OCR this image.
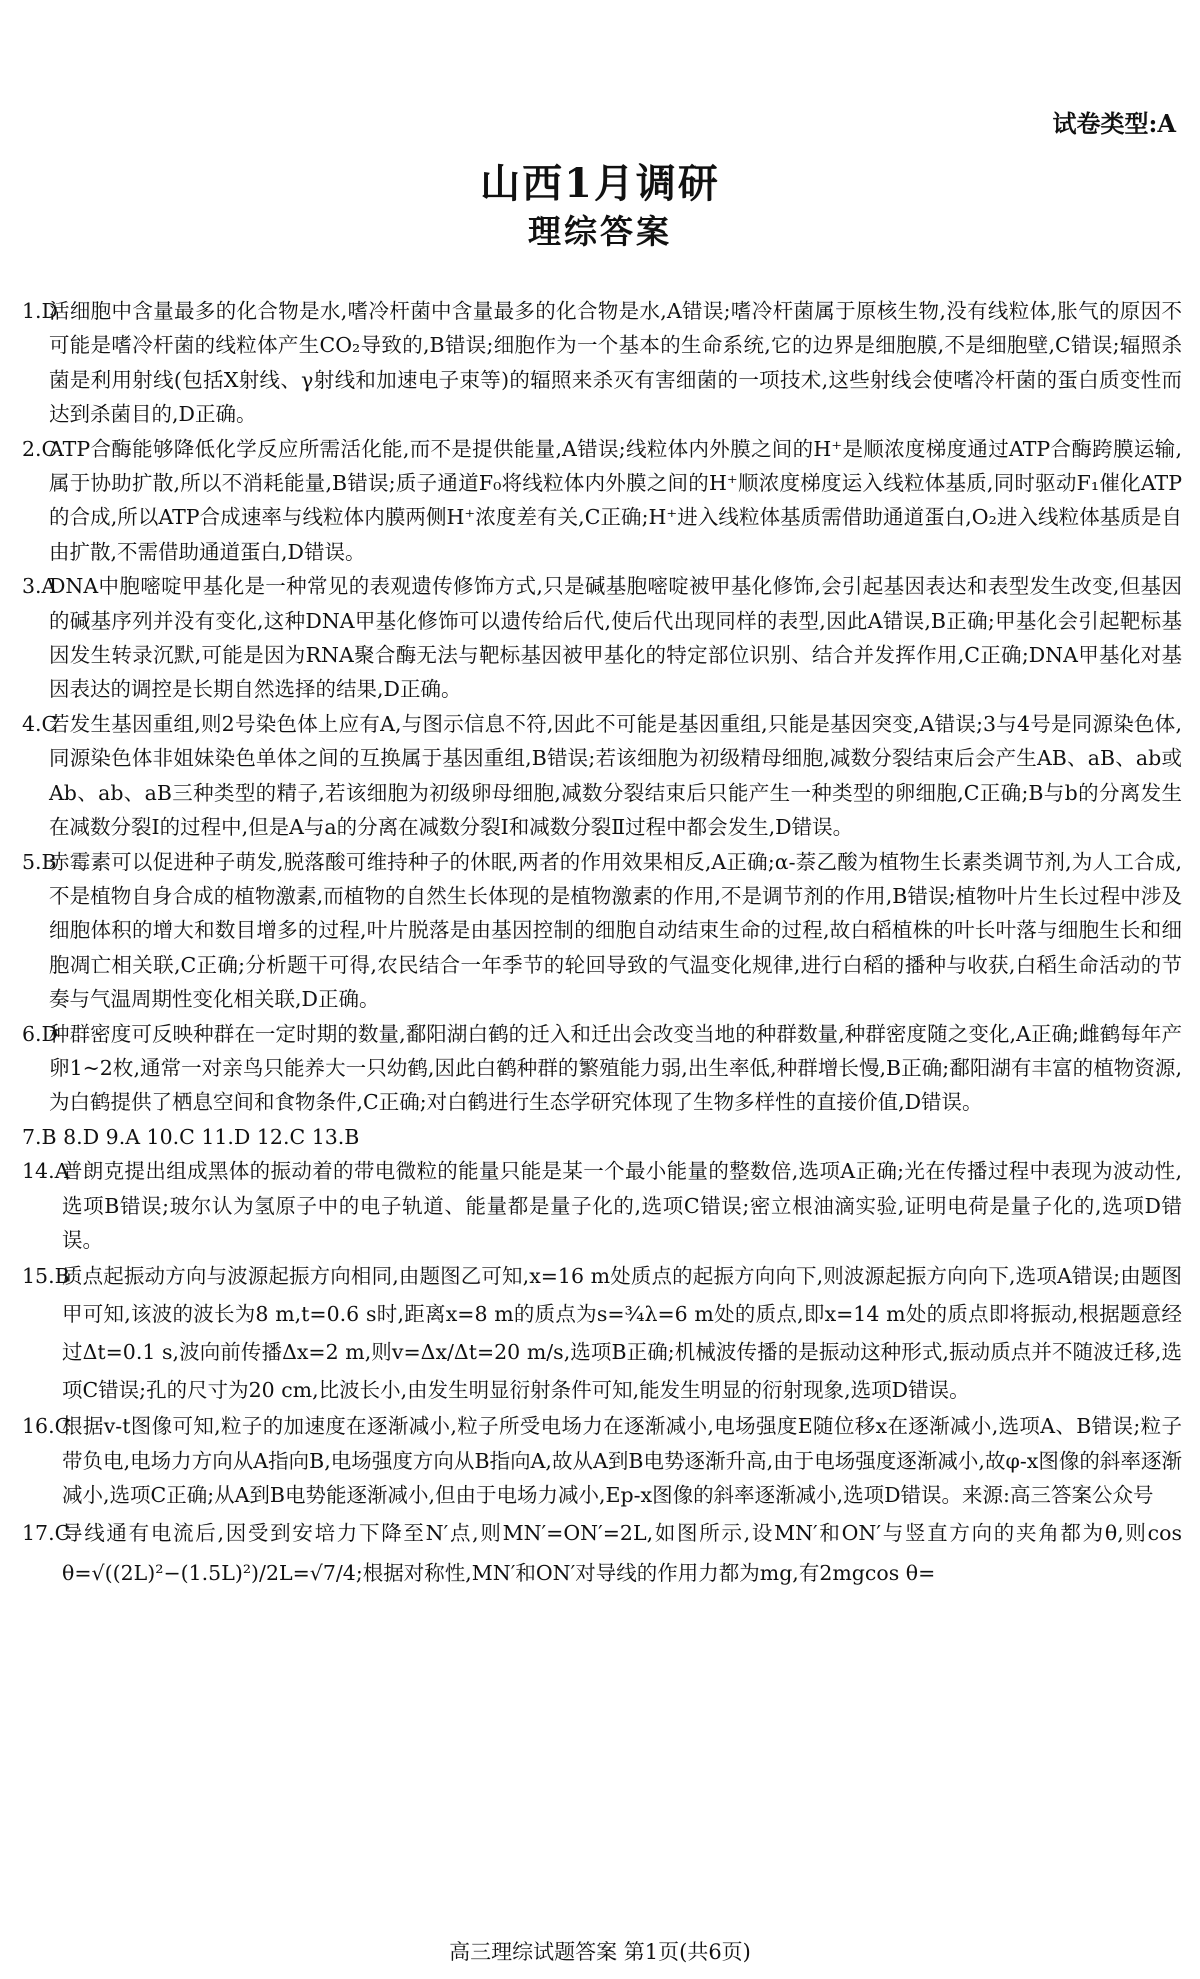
试卷类型:A
山西1月调研
理综答案
1.D
活细胞中含量最多的化合物是水,嗜冷杆菌中含量最多的化合物是水,A错误;嗜冷杆菌属于原核生物,没有线粒体,胀气的原因不可能是嗜冷杆菌的线粒体产生CO₂导致的,B错误;细胞作为一个基本的生命系统,它的边界是细胞膜,不是细胞壁,C错误;辐照杀菌是利用射线(包括X射线、γ射线和加速电子束等)的辐照来杀灭有害细菌的一项技术,这些射线会使嗜冷杆菌的蛋白质变性而达到杀菌目的,D正确。
2.C
ATP合酶能够降低化学反应所需活化能,而不是提供能量,A错误;线粒体内外膜之间的H⁺是顺浓度梯度通过ATP合酶跨膜运输,属于协助扩散,所以不消耗能量,B错误;质子通道F₀将线粒体内外膜之间的H⁺顺浓度梯度运入线粒体基质,同时驱动F₁催化ATP的合成,所以ATP合成速率与线粒体内膜两侧H⁺浓度差有关,C正确;H⁺进入线粒体基质需借助通道蛋白,O₂进入线粒体基质是自由扩散,不需借助通道蛋白,D错误。
3.A
DNA中胞嘧啶甲基化是一种常见的表观遗传修饰方式,只是碱基胞嘧啶被甲基化修饰,会引起基因表达和表型发生改变,但基因的碱基序列并没有变化,这种DNA甲基化修饰可以遗传给后代,使后代出现同样的表型,因此A错误,B正确;甲基化会引起靶标基因发生转录沉默,可能是因为RNA聚合酶无法与靶标基因被甲基化的特定部位识别、结合并发挥作用,C正确;DNA甲基化对基因表达的调控是长期自然选择的结果,D正确。
4.C
若发生基因重组,则2号染色体上应有A,与图示信息不符,因此不可能是基因重组,只能是基因突变,A错误;3与4号是同源染色体,同源染色体非姐妹染色单体之间的互换属于基因重组,B错误;若该细胞为初级精母细胞,减数分裂结束后会产生AB、aB、ab或Ab、ab、aB三种类型的精子,若该细胞为初级卵母细胞,减数分裂结束后只能产生一种类型的卵细胞,C正确;B与b的分离发生在减数分裂Ⅰ的过程中,但是A与a的分离在减数分裂Ⅰ和减数分裂Ⅱ过程中都会发生,D错误。
5.B
赤霉素可以促进种子萌发,脱落酸可维持种子的休眠,两者的作用效果相反,A正确;α-萘乙酸为植物生长素类调节剂,为人工合成,不是植物自身合成的植物激素,而植物的自然生长体现的是植物激素的作用,不是调节剂的作用,B错误;植物叶片生长过程中涉及细胞体积的增大和数目增多的过程,叶片脱落是由基因控制的细胞自动结束生命的过程,故白稻植株的叶长叶落与细胞生长和细胞凋亡相关联,C正确;分析题干可得,农民结合一年季节的轮回导致的气温变化规律,进行白稻的播种与收获,白稻生命活动的节奏与气温周期性变化相关联,D正确。
6.D
种群密度可反映种群在一定时期的数量,鄱阳湖白鹤的迁入和迁出会改变当地的种群数量,种群密度随之变化,A正确;雌鹤每年产卵1~2枚,通常一对亲鸟只能养大一只幼鹤,因此白鹤种群的繁殖能力弱,出生率低,种群增长慢,B正确;鄱阳湖有丰富的植物资源,为白鹤提供了栖息空间和食物条件,C正确;对白鹤进行生态学研究体现了生物多样性的直接价值,D错误。
7.B 8.D 9.A 10.C 11.D 12.C 13.B
14.A
普朗克提出组成黑体的振动着的带电微粒的能量只能是某一个最小能量的整数倍,选项A正确;光在传播过程中表现为波动性,选项B错误;玻尔认为氢原子中的电子轨道、能量都是量子化的,选项C错误;密立根油滴实验,证明电荷是量子化的,选项D错误。
15.B
质点起振动方向与波源起振方向相同,由题图乙可知,x=16 m处质点的起振方向向下,则波源起振方向向下,选项A错误;由题图甲可知,该波的波长为8 m,t=0.6 s时,距离x=8 m的质点为s=¾λ=6 m处的质点,即x=14 m处的质点即将振动,根据题意经过Δt=0.1 s,波向前传播Δx=2 m,则v=Δx/Δt=20 m/s,选项B正确;机械波传播的是振动这种形式,振动质点并不随波迁移,选项C错误;孔的尺寸为20 cm,比波长小,由发生明显衍射条件可知,能发生明显的衍射现象,选项D错误。
16.C
根据v-t图像可知,粒子的加速度在逐渐减小,粒子所受电场力在逐渐减小,电场强度E随位移x在逐渐减小,选项A、B错误;粒子带负电,电场力方向从A指向B,电场强度方向从B指向A,故从A到B电势逐渐升高,由于电场强度逐渐减小,故φ-x图像的斜率逐渐减小,选项C正确;从A到B电势能逐渐减小,但由于电场力减小,Ep-x图像的斜率逐渐减小,选项D错误。来源:高三答案公众号
17.C
导线通有电流后,因受到安培力下降至N′点,则MN′=ON′=2L,如图所示,设MN′和ON′与竖直方向的夹角都为θ,则cos θ=√((2L)²−(1.5L)²)/2L=√7/4;根据对称性,MN′和ON′对导线的作用力都为mg,有2mgcos θ=
高三理综试题答案 第1页(共6页)
